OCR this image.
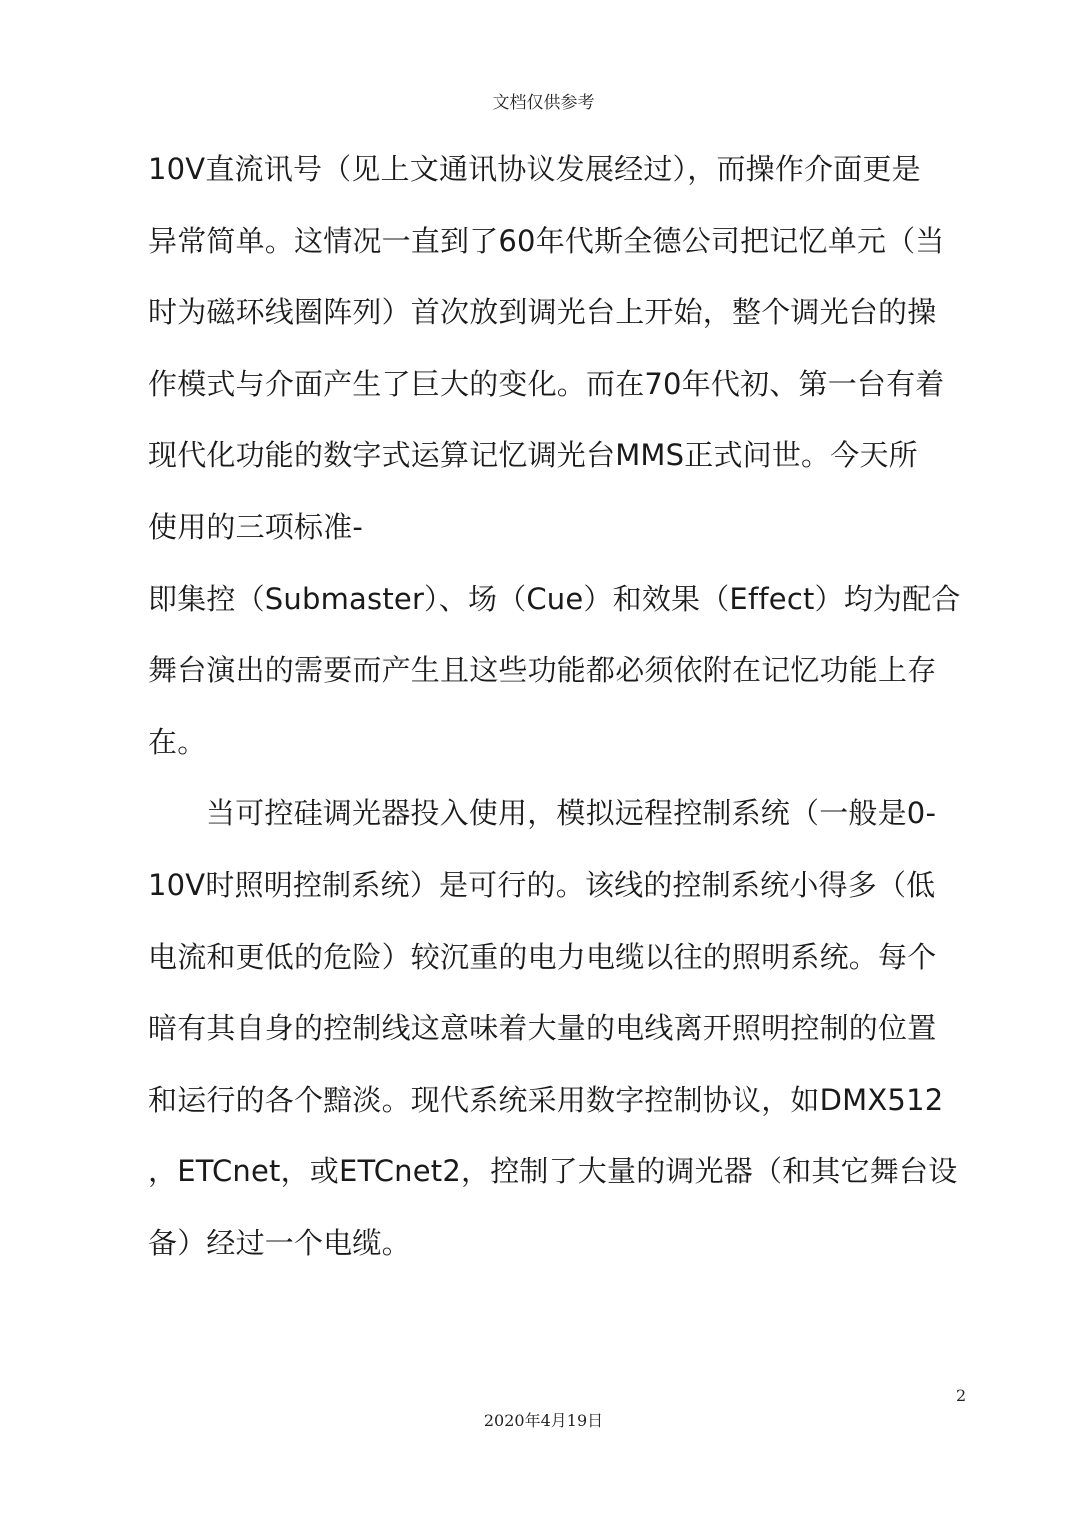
文档仅供参考
10V直流讯号（见上文通讯协议发展经过），而操作介面更是
异常简单。这情况一直到了60年代斯全德公司把记忆单元（当
时为磁环线圈阵列）首次放到调光台上开始，整个调光台的操
作模式与介面产生了巨大的变化。而在70年代初、第一台有着
现代化功能的数字式运算记忆调光台MMS正式问世。今天所
使用的三项标准-
即集控（Submaster）、场（Cue）和效果（Effect）均为配合
舞台演出的需要而产生且这些功能都必须依附在记忆功能上存
在。
当可控硅调光器投入使用，模拟远程控制系统（一般是0-
10V时照明控制系统）是可行的。该线的控制系统小得多（低
电流和更低的危险）较沉重的电力电缆以往的照明系统。每个
暗有其自身的控制线这意味着大量的电线离开照明控制的位置
和运行的各个黯淡。现代系统采用数字控制协议，如DMX512
，ETCnet，或ETCnet2，控制了大量的调光器（和其它舞台设
备）经过一个电缆。
2
2020年4月19日
